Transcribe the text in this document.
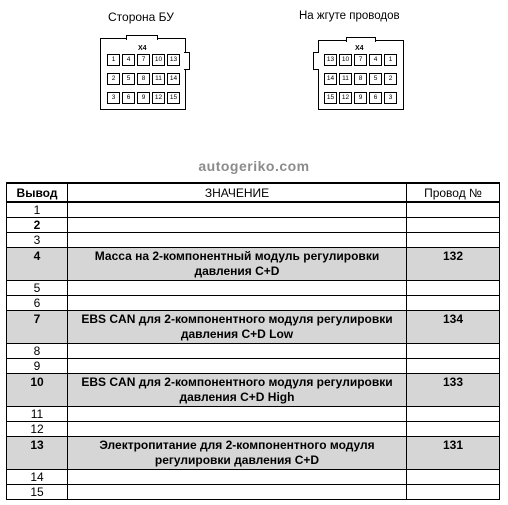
Сторона БУ	На жгуте проводов
X4
1	4	7	10	13
2	5	8	11	14
3	6	9	12	15
X4
13	10	7	4	1
14	11	8	5	2
15	12	9	6	3
autogeriko.com
Вывод	ЗНАЧЕНИЕ	Провод №
1		
2		
3		
4	Масса на 2-компонентный модуль регулировки давления C+D	132
5		
6		
7	EBS CAN для 2-компонентного модуля регулировки давления C+D Low	134
8		
9		
10	EBS CAN для 2-компонентного модуля регулировки давления C+D High	133
11		
12		
13	Электропитание для 2-компонентного модуля регулировки давления C+D	131
14		
15		
